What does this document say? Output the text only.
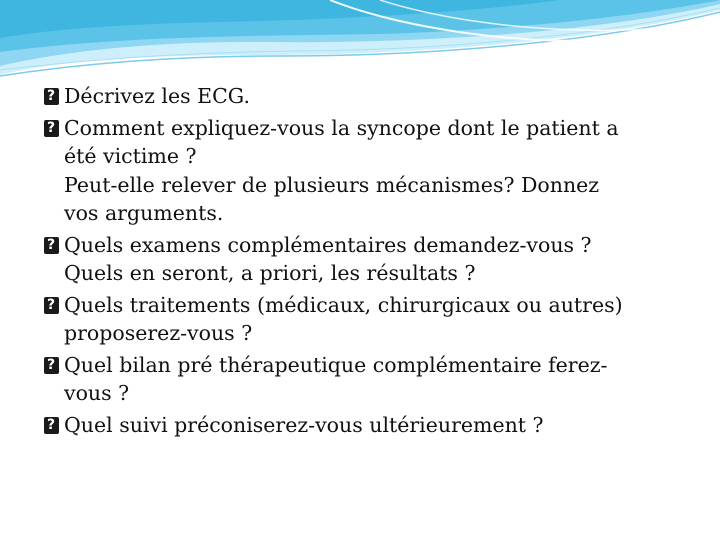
?
Décrivez les ECG.
?
Comment expliquez-vous la syncope dont le patient a
été victime ?
Peut-elle relever de plusieurs mécanismes? Donnez
vos arguments.
?
Quels examens complémentaires demandez-vous ?
Quels en seront, a priori, les résultats ?
?
Quels traitements (médicaux, chirurgicaux ou autres)
proposerez-vous ?
?
Quel bilan pré thérapeutique complémentaire ferez-
vous ?
?
Quel suivi préconiserez-vous ultérieurement ?
